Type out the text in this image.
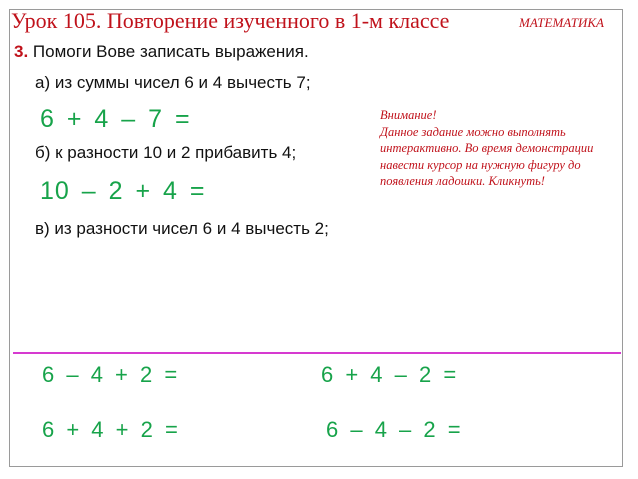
Урок 105. Повторение изученного в 1-м классе	МАТЕМАТИКА
3. Помоги Вове записать выражения.
а) из суммы чисел 6 и 4 вычесть 7;
6 + 4 – 7 =
б) к разности 10 и 2 прибавить 4;
10 – 2 + 4 =
в) из разности чисел 6 и 4 вычесть 2;

Внимание!

Данное задание можно выполнять интерактивно. Во время демонстрации навести курсор на нужную фигуру до появления ладошки. Кликнуть!

6 – 4 + 2 =	6 + 4 – 2 =
6 + 4 + 2 =	6 – 4 – 2 =
